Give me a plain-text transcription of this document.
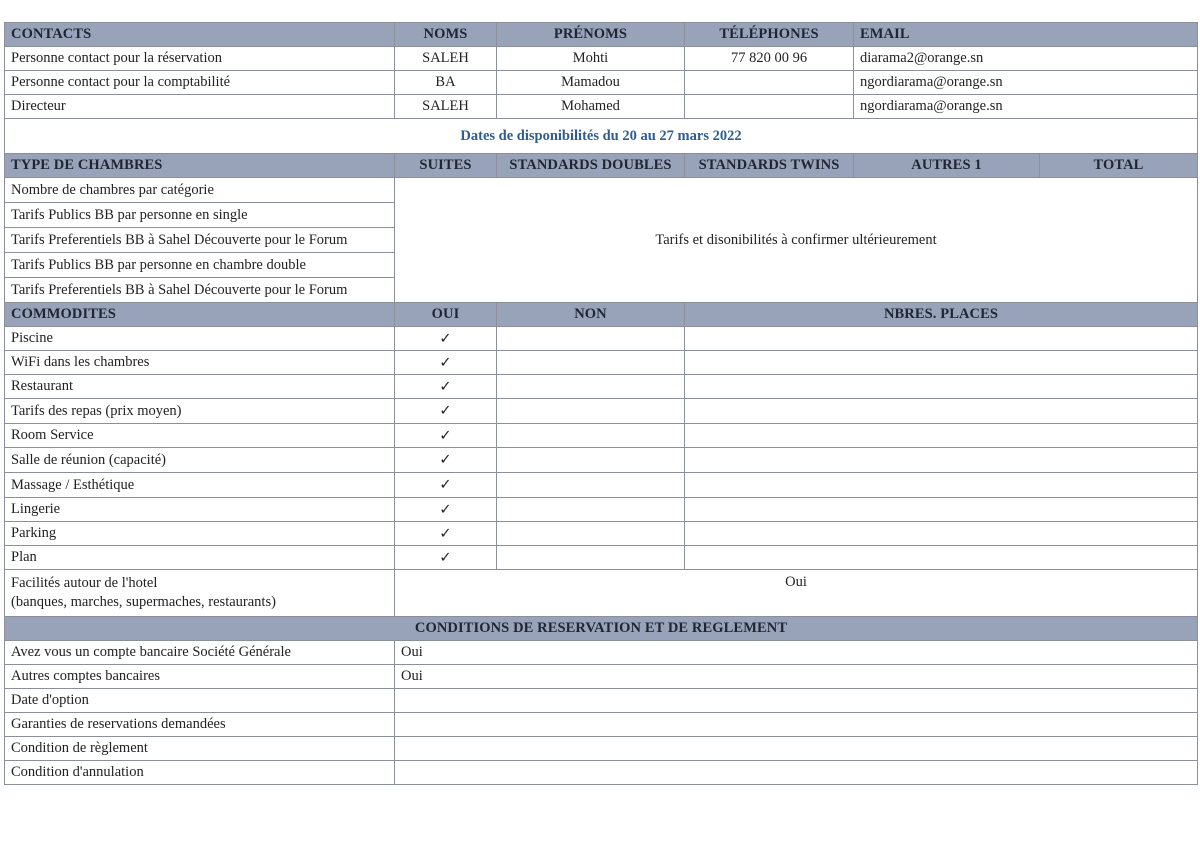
CONTACTS	NOMS	PRÉNOMS	TÉLÉPHONES	EMAIL	
Personne contact pour la réservation	SALEH	Mohti	77 820 00 96	diarama2@orange.sn	
Personne contact pour la comptabilité	BA	Mamadou		ngordiarama@orange.sn	
Directeur	SALEH	Mohamed		ngordiarama@orange.sn	
Dates de disponibilités du 20 au 27 mars 2022					
TYPE DE CHAMBRES	SUITES	STANDARDS DOUBLES	STANDARDS TWINS	AUTRES 1	TOTAL
Nombre de chambres par catégorie	Tarifs et disonibilités à confirmer ultérieurement				
Tarifs Publics BB par personne en single					
Tarifs Preferentiels BB à Sahel Découverte pour le Forum					
Tarifs Publics BB par personne en chambre double					
Tarifs Preferentiels BB à Sahel Découverte pour le Forum					
COMMODITES	OUI	NON	NBRES. PLACES		
Piscine	✓				
WiFi dans les chambres	✓				
Restaurant	✓				
Tarifs des repas (prix moyen)	✓				
Room Service	✓				
Salle de réunion (capacité)	✓				
Massage / Esthétique	✓				
Lingerie	✓				
Parking	✓				
Plan	✓				

Facilités autour de l'hotel
(banques, marches, supermaches, restaurants)	Oui				
CONDITIONS DE RESERVATION ET DE REGLEMENT					
Avez vous un compte bancaire Société Générale	Oui				
Autres comptes bancaires	Oui				
Date d'option					
Garanties de reservations demandées					
Condition de règlement					
Condition d'annulation					
